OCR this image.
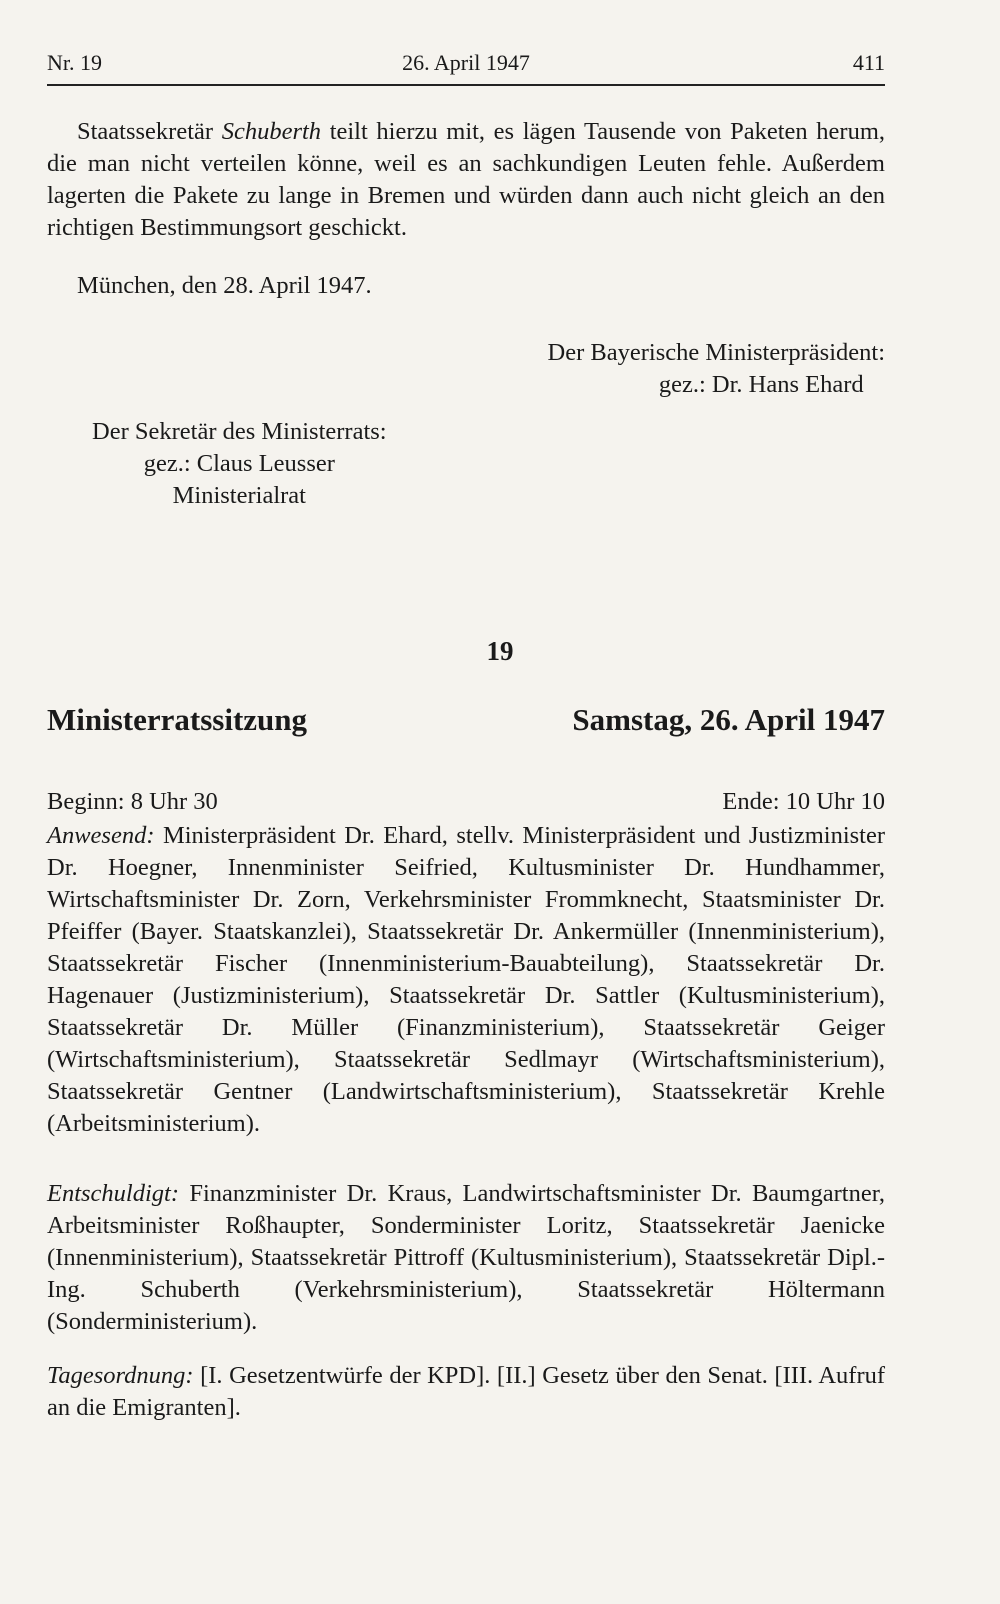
Nr. 19	26. April 1947	411
Staatssekretär Schuberth teilt hierzu mit, es lägen Tausende von Paketen herum, die man nicht verteilen könne, weil es an sachkundigen Leuten fehle. Außerdem lagerten die Pakete zu lange in Bremen und würden dann auch nicht gleich an den richtigen Bestimmungsort geschickt.
München, den 28. April 1947.
Der Bayerische Ministerpräsident:
gez.: Dr. Hans Ehard
Der Sekretär des Ministerrats:
gez.: Claus Leusser
Ministerialrat
19
Ministerratssitzung	Samstag, 26. April 1947
Beginn: 8 Uhr 30	Ende: 10 Uhr 10

Anwesend: Ministerpräsident Dr. Ehard, stellv. Ministerpräsident und Justizminister Dr. Hoegner, Innenminister Seifried, Kultusminister Dr. Hundhammer, Wirtschaftsminister Dr. Zorn, Verkehrsminister Frommknecht, Staatsminister Dr. Pfeiffer (Bayer. Staatskanzlei), Staatssekretär Dr. Ankermüller (Innenministerium), Staatssekretär Fischer (Innenministerium-Bauabteilung), Staatssekretär Dr. Hagenauer (Justizministerium), Staatssekretär Dr. Sattler (Kultusministerium), Staatssekretär Dr. Müller (Finanzministerium), Staatssekretär Geiger (Wirtschaftsministerium), Staatssekretär Sedlmayr (Wirtschaftsministerium), Staatssekretär Gentner (Landwirtschaftsministerium), Staatssekretär Krehle (Arbeitsministerium).

Entschuldigt: Finanzminister Dr. Kraus, Landwirtschaftsminister Dr. Baumgartner, Arbeitsminister Roßhaupter, Sonderminister Loritz, Staatssekretär Jaenicke (Innenministerium), Staatssekretär Pittroff (Kultusministerium), Staatssekretär Dipl.-Ing. Schuberth (Verkehrsministerium), Staatssekretär Höltermann (Sonderministerium).

Tagesordnung: [I. Gesetzentwürfe der KPD]. [II.] Gesetz über den Senat. [III. Aufruf an die Emigranten].
